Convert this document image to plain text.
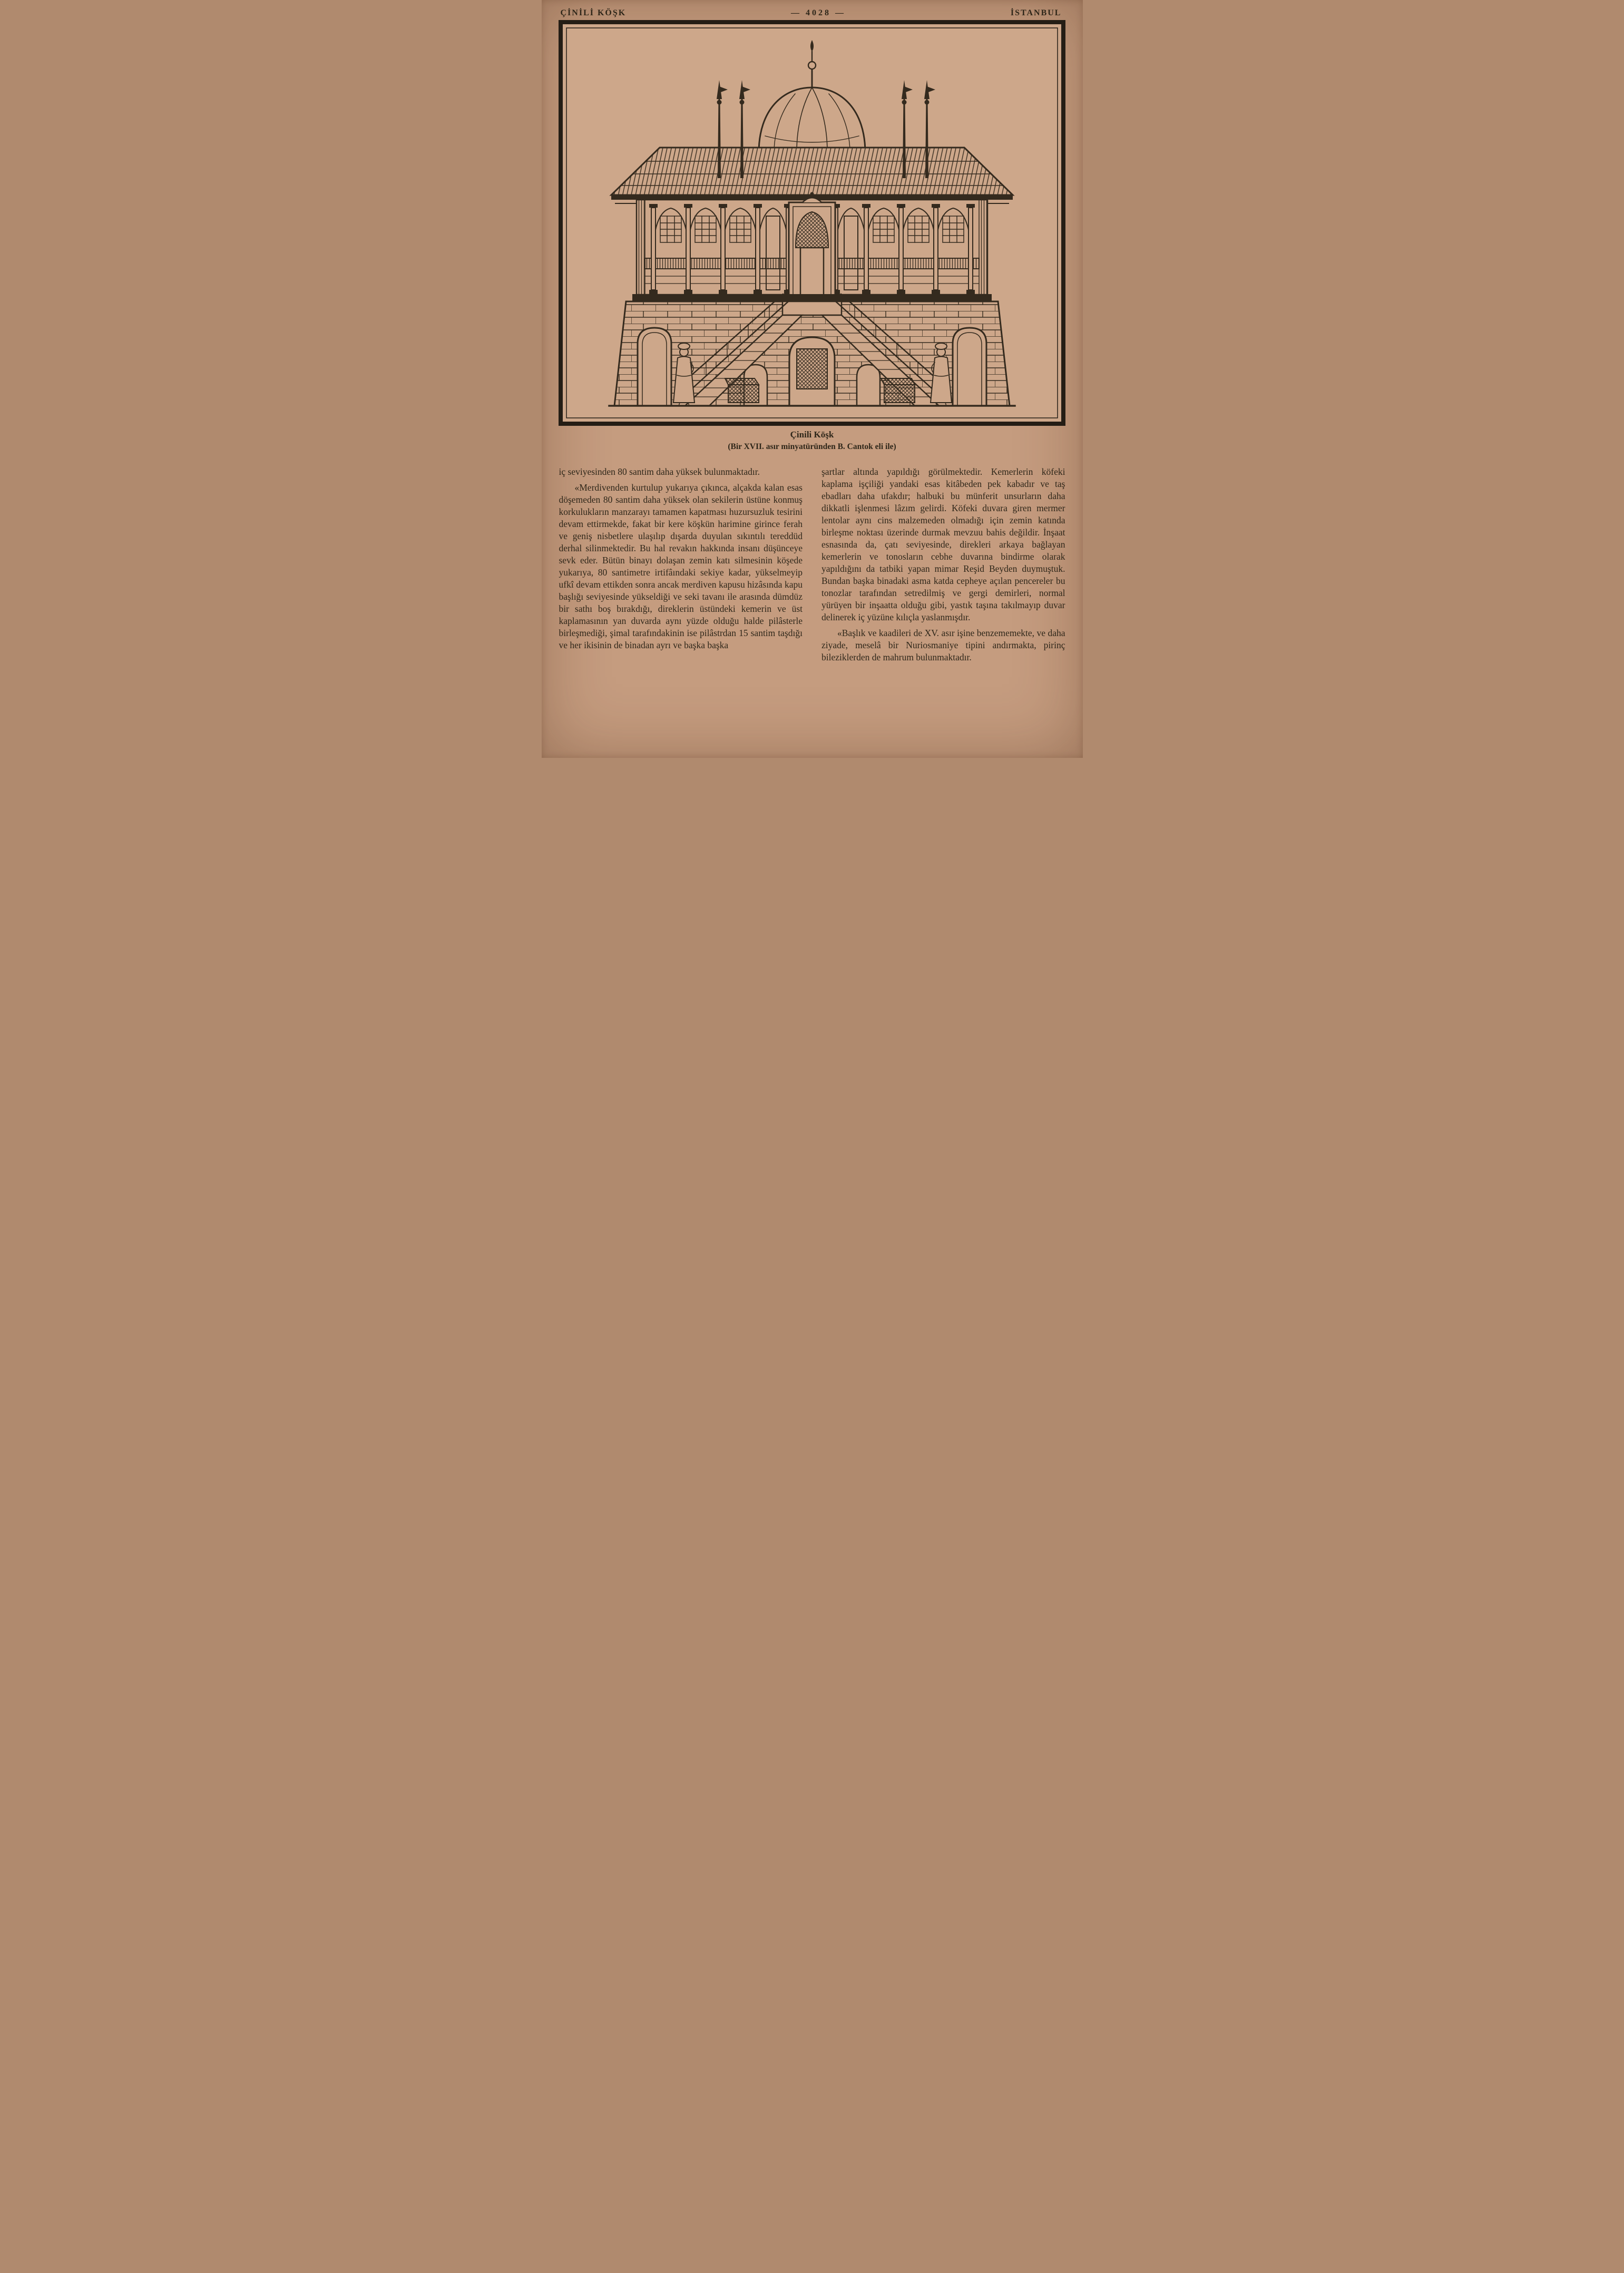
ÇİNİLİ KÖŞK	— 4028 —	İSTANBUL
Çinili Köşk
(Bir XVII. asır minyatüründen B. Cantok eli ile)

iç seviyesinden 80 santim daha yüksek bulunmaktadır.

«Merdivenden kurtulup yukarıya çıkınca, alçakda kalan esas döşemeden 80 santim daha yüksek olan sekilerin üstüne konmuş korkulukların manzarayı tamamen kapatması huzursuzluk tesirini devam ettirmekde, fakat bir kere köşkün harimine girince ferah ve geniş nisbetlere ulaşılıp dışarda duyulan sıkıntılı tereddüd derhal silinmektedir. Bu hal revakın hakkında insanı düşünceye sevk eder. Bütün binayı dolaşan zemin katı silmesinin köşede yukarıya, 80 santimetre irtifâındaki sekiye kadar, yükselmeyip ufkî devam ettikden sonra ancak merdiven kapusu hizâsında kapu başlığı seviyesinde yükseldiği ve seki tavanı ile arasında dümdüz bir sathı boş bırakdığı, direklerin üstündeki kemerin ve üst kaplamasının yan duvarda aynı yüzde olduğu halde pilâsterle birleşmediği, şimal tarafındakinin ise pilâstrdan 15 santim taşdığı ve her ikisinin de binadan ayrı ve başka başka

şartlar altında yapıldığı görülmektedir. Kemerlerin köfeki kaplama işçiliği yandaki esas kitâbeden pek kabadır ve taş ebadları daha ufakdır; halbuki bu münferit unsurların daha dikkatli işlenmesi lâzım gelirdi. Köfeki duvara giren mermer lentolar aynı cins malzemeden olmadığı için zemin katında birleşme noktası üzerinde durmak mevzuu bahis değildir. İnşaat esnasında da, çatı seviyesinde, direkleri arkaya bağlayan kemerlerin ve tonosların cebhe duvarına bindirme olarak yapıldığını da tatbiki yapan mimar Reşid Beyden duymuştuk. Bundan başka binadaki asma katda cepheye açılan pencereler bu tonozlar tarafından setredilmiş ve gergi demirleri, normal yürüyen bir inşaatta olduğu gibi, yastık taşına takılmayıp duvar delinerek iç yüzüne kılıçla yaslanmışdır.

«Başlık ve kaadileri de XV. asır işine benzememekte, ve daha ziyade, meselâ bir Nuriosmaniye tipini andırmakta, pirinç bileziklerden de mahrum bulunmaktadır.
